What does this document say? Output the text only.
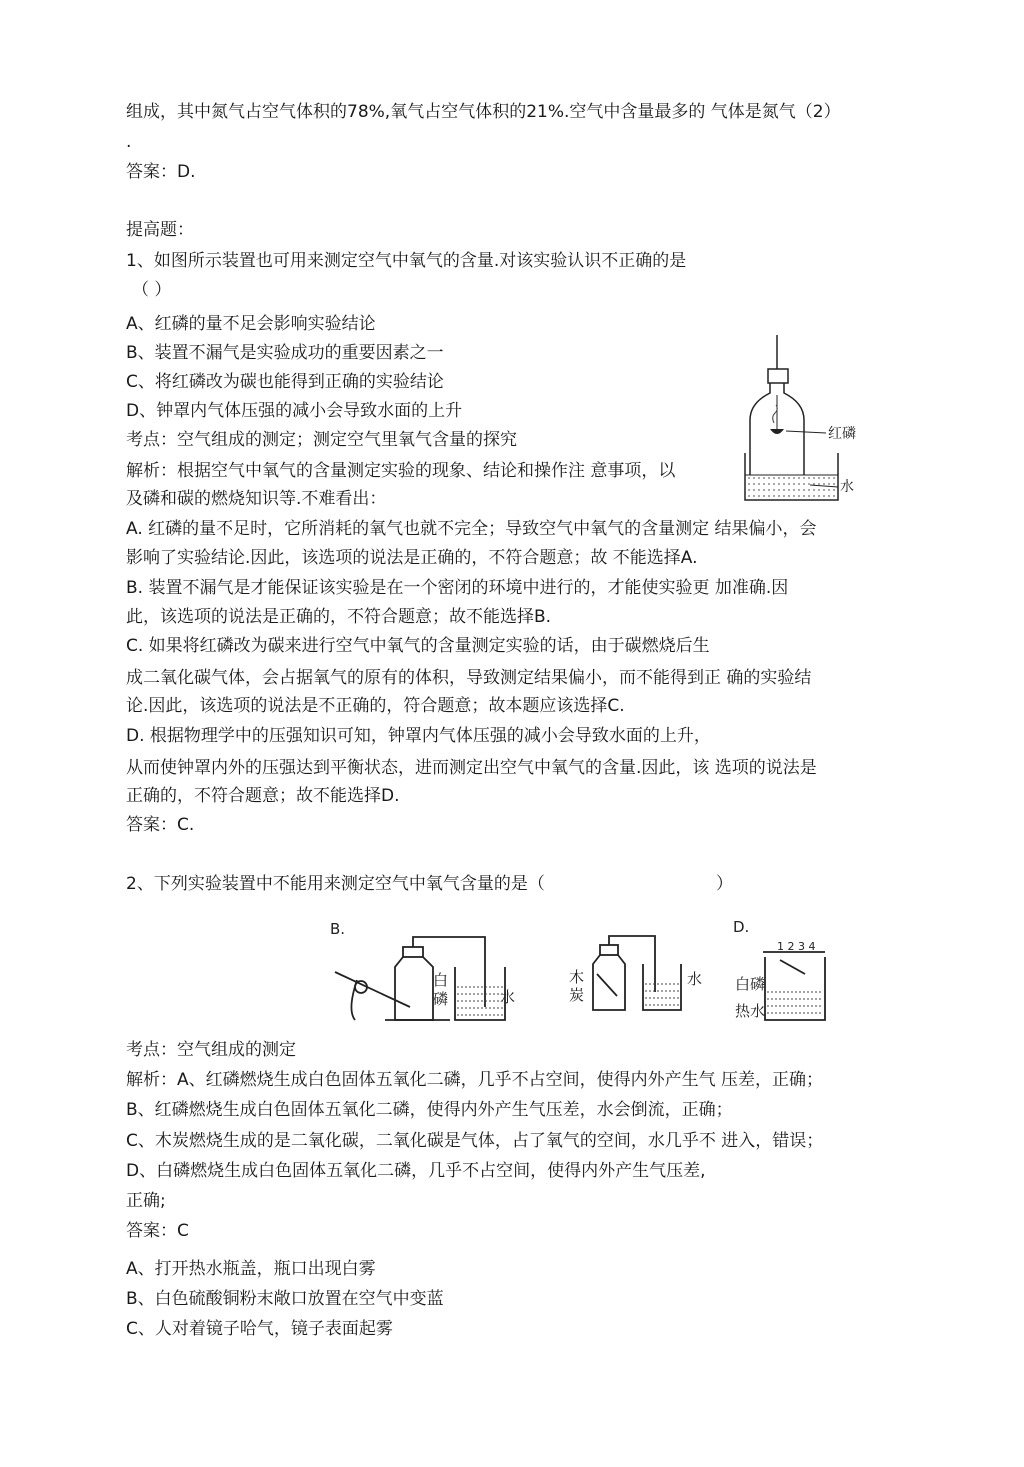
组成，其中氮气占空气体积的78%,氧气占空气体积的21%.空气中含量最多的 气体是氮气（2）
.
答案：D.
提高题：
1、如图所示装置也可用来测定空气中氧气的含量.对该实验认识不正确的是
（ ）
A、红磷的量不足会影响实验结论
B、装置不漏气是实验成功的重要因素之一
C、将红磷改为碳也能得到正确的实验结论
D、钟罩内气体压强的减小会导致水面的上升
考点：空气组成的测定；测定空气里氧气含量的探究
解析：根据空气中氧气的含量测定实验的现象、结论和操作注 意事项，以
及磷和碳的燃烧知识等.不难看出：
A. 红磷的量不足时，它所消耗的氧气也就不完全；导致空气中氧气的含量测定 结果偏小，会
影响了实验结论.因此，该选项的说法是正确的，不符合题意；故 不能选择A.
B. 装置不漏气是才能保证该实验是在一个密闭的环境中进行的，才能使实验更 加准确.因
此，该选项的说法是正确的，不符合题意；故不能选择B.
C. 如果将红磷改为碳来进行空气中氧气的含量测定实验的话，由于碳燃烧后生
成二氧化碳气体，会占据氧气的原有的体积，导致测定结果偏小，而不能得到正 确的实验结
论.因此，该选项的说法是不正确的，符合题意；故本题应该选择C.
D. 根据物理学中的压强知识可知，钟罩内气体压强的减小会导致水面的上升，
从而使钟罩内外的压强达到平衡状态，进而测定出空气中氧气的含量.因此，该 选项的说法是
正确的，不符合题意；故不能选择D.
答案：C.
红磷
水
2、下列实验装置中不能用来测定空气中氧气含量的是（	）
B.
白
磷	水
木
炭
水
D.
1 2 3 4
白磷
热水
考点：空气组成的测定
解析：A、红磷燃烧生成白色固体五氧化二磷，几乎不占空间，使得内外产生气 压差，正确；
B、红磷燃烧生成白色固体五氧化二磷，使得内外产生气压差，水会倒流，正确；
C、木炭燃烧生成的是二氧化碳，二氧化碳是气体，占了氧气的空间，水几乎不 进入，错误；
D、白磷燃烧生成白色固体五氧化二磷，几乎不占空间，使得内外产生气压差,
正确;
答案：C
A、打开热水瓶盖，瓶口出现白雾
B、白色硫酸铜粉末敞口放置在空气中变蓝
C、人对着镜子哈气，镜子表面起雾
